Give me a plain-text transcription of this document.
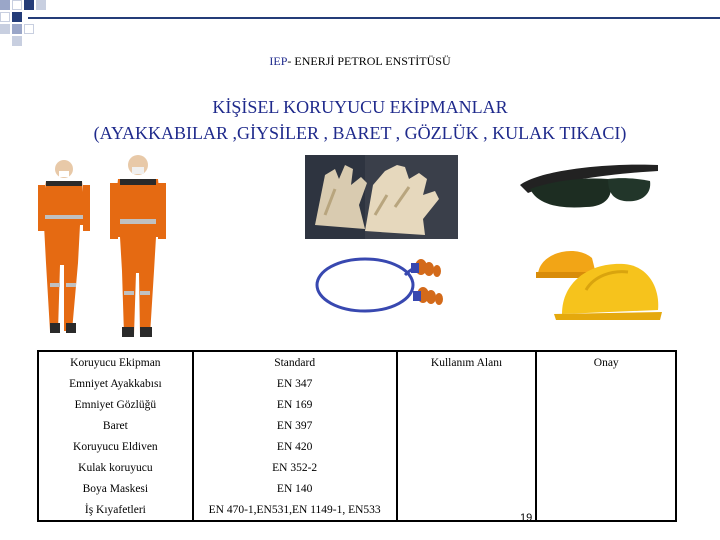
IEP- ENERJİ PETROL ENSTİTÜSÜ
KİŞİSEL KORUYUCU EKİPMANLAR
(AYAKKABILAR ,GİYSİLER , BARET , GÖZLÜK , KULAK TIKACI)
Koruyucu Ekipman	Standard	Kullanım Alanı	Onay
Emniyet Ayakkabısı	EN 347		
Emniyet Gözlüğü	EN 169		
Baret	EN 397		
Koruyucu Eldiven	EN 420		
Kulak koruyucu	EN 352-2		
Boya Maskesi	EN 140		
İş Kıyafetleri	EN 470-1,EN531,EN 1149-1, EN533		
19
